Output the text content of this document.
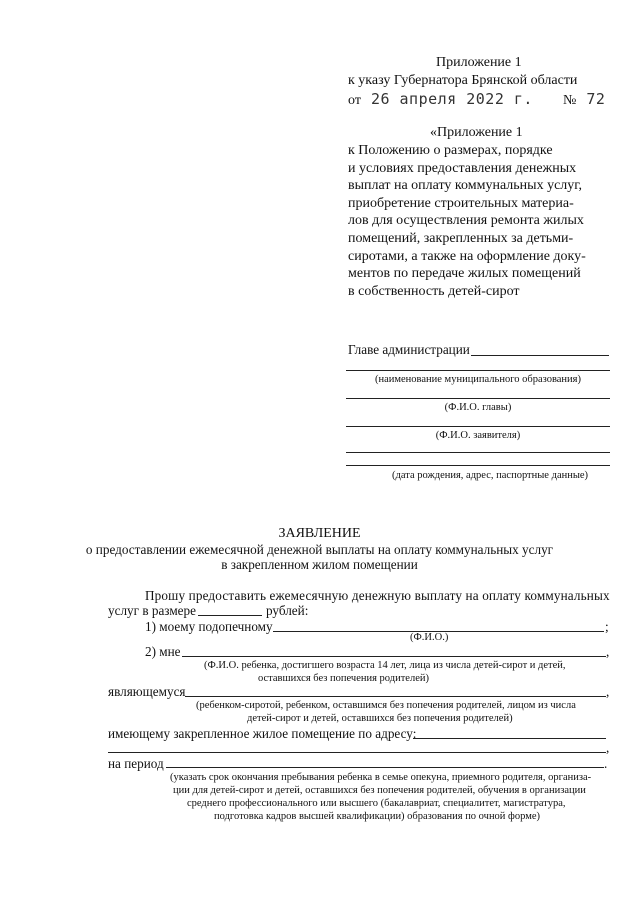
Приложение 1
к указу Губернатора Брянской области
от 26 апреля 2022 г. № 72
«Приложение 1

к Положению о размерах, порядке

и условиях предоставления денежных

выплат на оплату коммунальных услуг,

приобретение строительных материа-

лов для осуществления ремонта жилых

помещений, закрепленных за детьми-

сиротами, а также на оформление доку-

ментов по передаче жилых помещений

в собственность детей-сирот

Главе администрации
(наименование муниципального образования)
(Ф.И.О. главы)
(Ф.И.О. заявителя)
(дата рождения, адрес, паспортные данные)
ЗАЯВЛЕНИЕ
о предоставлении ежемесячной денежной выплаты на оплату коммунальных услуг
в закрепленном жилом помещении
Прошу предоставить ежемесячную денежную выплату на оплату коммунальных
услуг в размере	рублей:
1) моему подопечному	;
(Ф.И.О.)
2) мне	,
(Ф.И.О. ребенка, достигшего возраста 14 лет, лица из числа детей-сирот и детей,
оставшихся без попечения родителей)
являющемуся	,
(ребенком-сиротой, ребенком, оставшимся без попечения родителей, лицом из числа
детей-сирот и детей, оставшихся без попечения родителей)
имеющему закрепленное жилое помещение по адресу:
,
на период	.
(указать срок окончания пребывания ребенка в семье опекуна, приемного родителя, организа-
ции для детей-сирот и детей, оставшихся без попечения родителей, обучения в организации
среднего профессионального или высшего (бакалавриат, специалитет, магистратура,
подготовка кадров высшей квалификации) образования по очной форме)
